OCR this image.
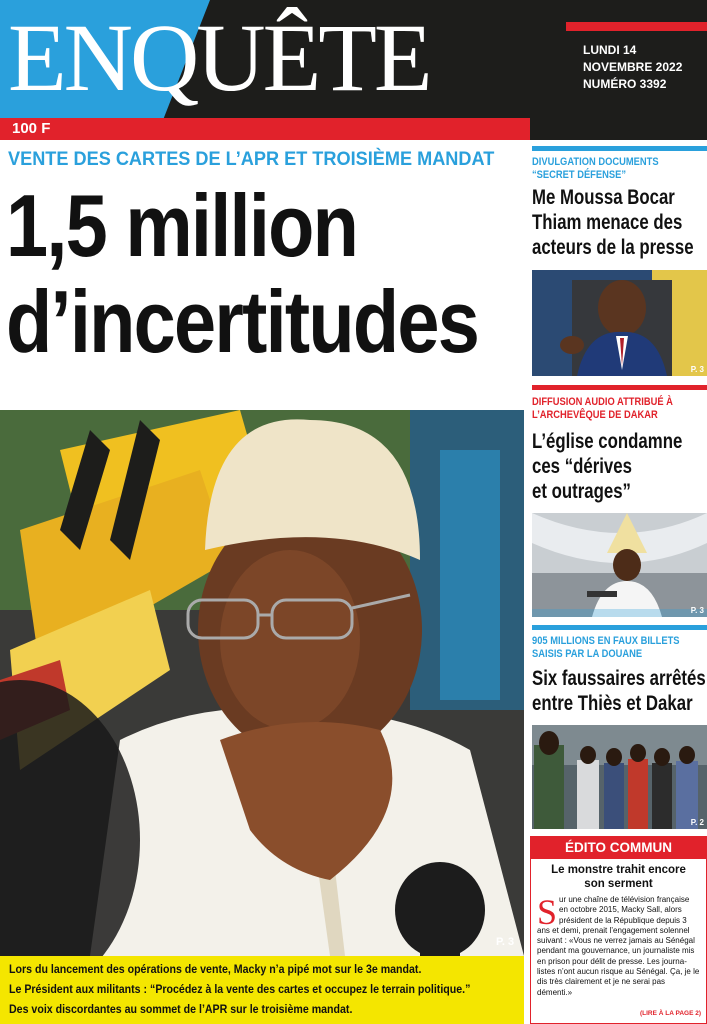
ENQUÊTE
100 F
LUNDI 14
NOVEMBRE 2022
NUMÉRO 3392
VENTE DES CARTES DE L’APR ET TROISIÈME MANDAT
1,5 million
d’incertitudes
P. 3
Lors du lancement des opérations de vente, Macky n’a pipé mot sur le 3e mandat.
Le Président aux militants : “Procédez à la vente des cartes et occupez le terrain politique.”
Des voix discordantes au sommet de l’APR sur le troisième mandat.
DIVULGATION DOCUMENTS
“SECRET DÉFENSE”
Me Moussa Bocar
Thiam menace des
acteurs de la presse
P. 3
DIFFUSION AUDIO ATTRIBUÉ À
L’ARCHEVÊQUE DE DAKAR
L’église condamne
ces “dérives
et outrages”
P. 3
905 MILLIONS EN FAUX BILLETS
SAISIS PAR LA DOUANE
Six faussaires arrêtés
entre Thiès et Dakar
P. 2
ÉDITO COMMUN
Le monstre trahit encore
son serment
S ur une chaîne de télévision française
en octobre 2015, Macky Sall, alors
président de la République depuis 3
ans et demi, prenait l’engagement solennel
suivant : «Vous ne verrez jamais au Sénégal
pendant ma gouvernance, un journaliste mis
en prison pour délit de presse. Les journa-
listes n’ont aucun risque au Sénégal. Ça, je le
dis très clairement et je ne serai pas
démenti.»
(LIRE À LA PAGE 2)
